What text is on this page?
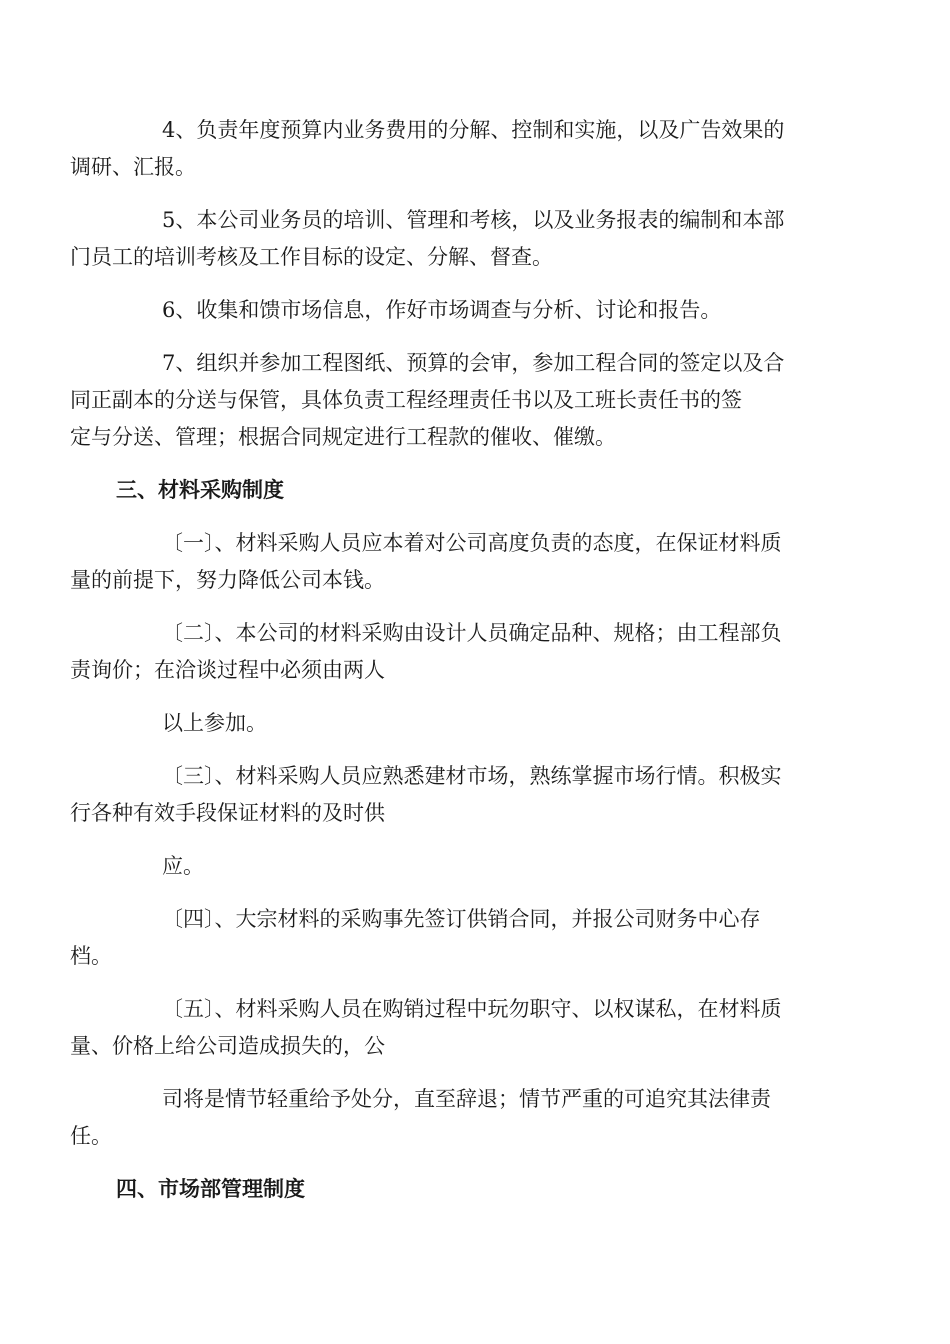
4、负责年度预算内业务费用的分解、控制和实施，以及广告效果的
调研、汇报。
5、本公司业务员的培训、管理和考核，以及业务报表的编制和本部
门员工的培训考核及工作目标的设定、分解、督查。
6、收集和馈市场信息，作好市场调查与分析、讨论和报告。
7、组织并参加工程图纸、预算的会审，参加工程合同的签定以及合
同正副本的分送与保管，具体负责工程经理责任书以及工班长责任书的签
定与分送、管理；根据合同规定进行工程款的催收、催缴。
三、材料采购制度
〔一〕、材料采购人员应本着对公司高度负责的态度，在保证材料质
量的前提下，努力降低公司本钱。
〔二〕、本公司的材料采购由设计人员确定品种、规格；由工程部负
责询价；在洽谈过程中必须由两人
以上参加。
〔三〕、材料采购人员应熟悉建材市场，熟练掌握市场行情。积极实
行各种有效手段保证材料的及时供
应。
〔四〕、大宗材料的采购事先签订供销合同，并报公司财务中心存
档。
〔五〕、材料采购人员在购销过程中玩勿职守、以权谋私，在材料质
量、价格上给公司造成损失的，公
司将是情节轻重给予处分，直至辞退；情节严重的可追究其法律责
任。
四、市场部管理制度
